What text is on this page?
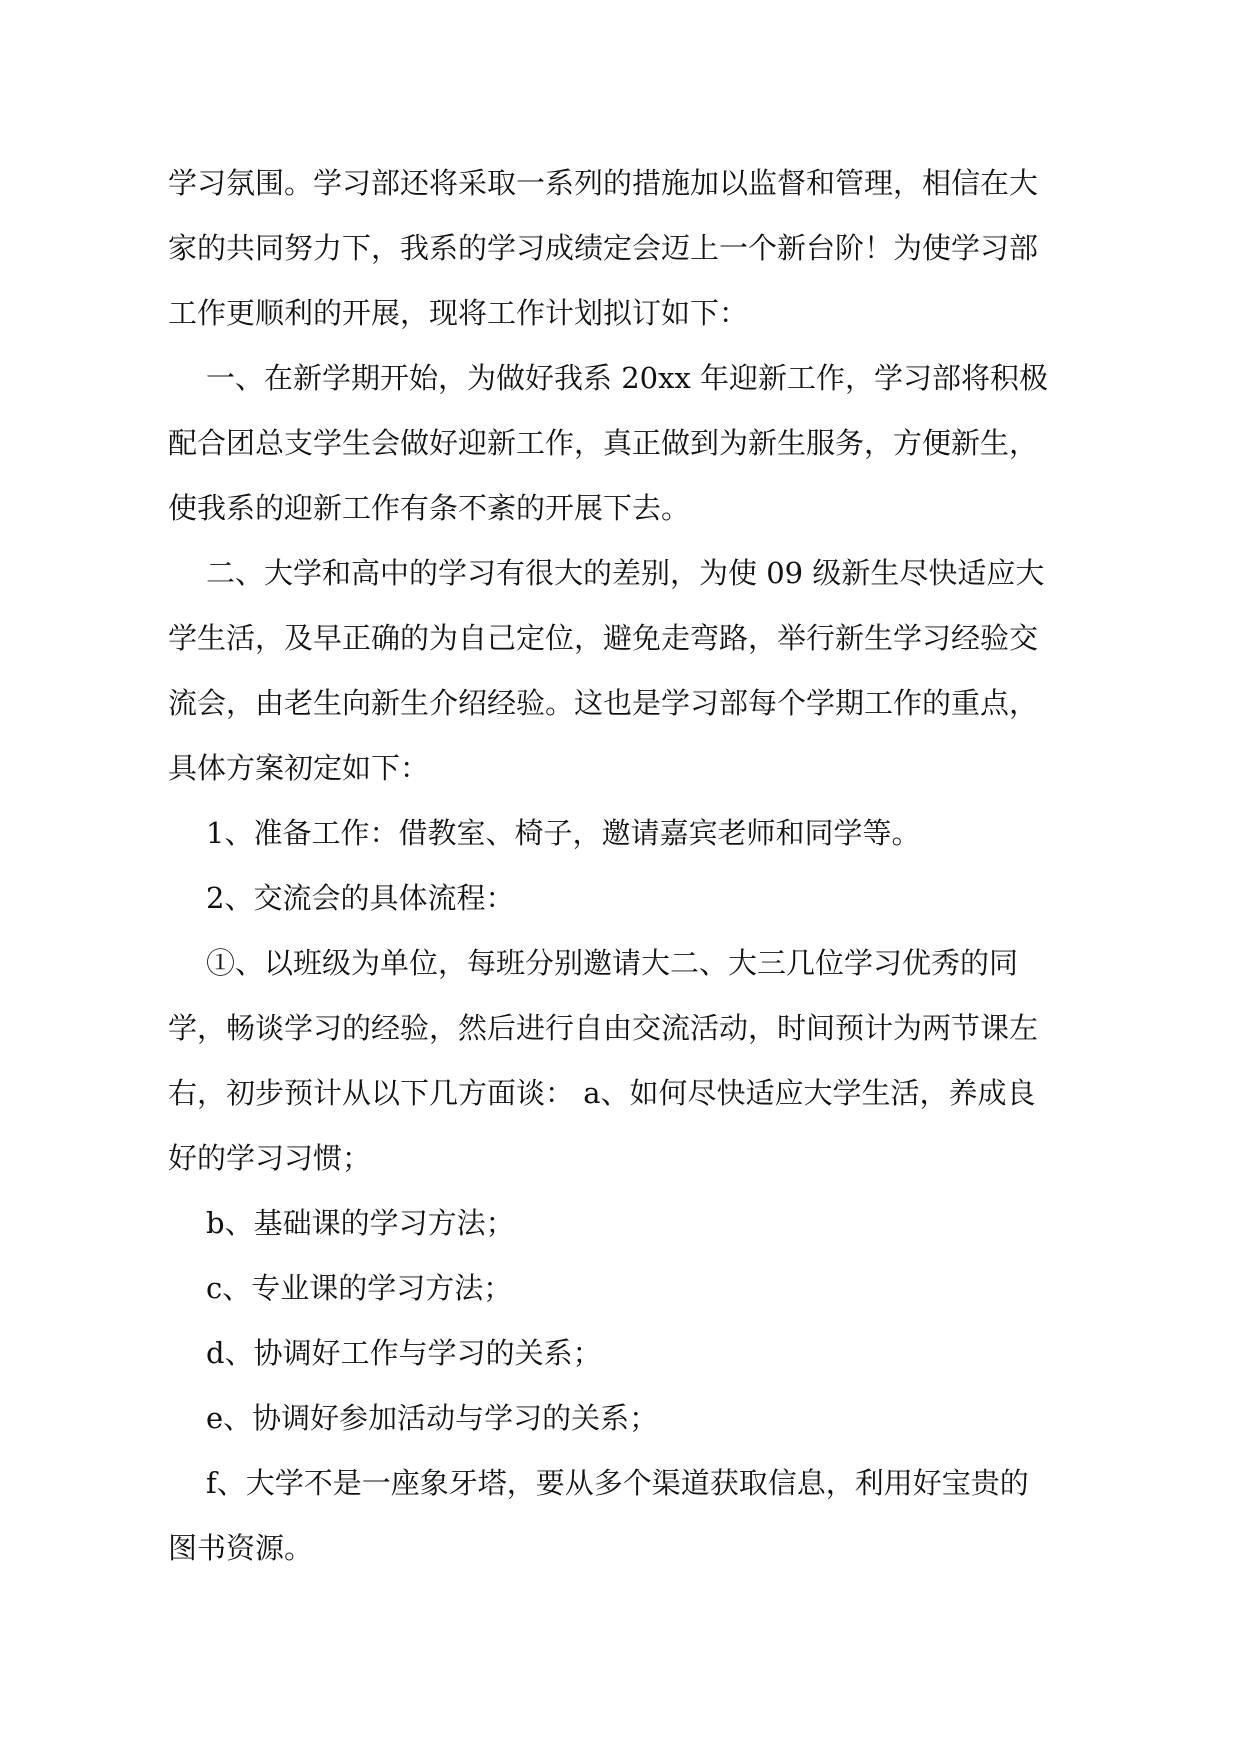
学习氛围。学习部还将采取一系列的措施加以监督和管理，相信在大
家的共同努力下，我系的学习成绩定会迈上一个新台阶！为使学习部
工作更顺利的开展，现将工作计划拟订如下：
一、在新学期开始，为做好我系 20xx 年迎新工作，学习部将积极
配合团总支学生会做好迎新工作，真正做到为新生服务，方便新生，
使我系的迎新工作有条不紊的开展下去。
二、大学和高中的学习有很大的差别，为使 09 级新生尽快适应大
学生活，及早正确的为自己定位，避免走弯路，举行新生学习经验交
流会，由老生向新生介绍经验。这也是学习部每个学期工作的重点，
具体方案初定如下：
1、准备工作：借教室、椅子，邀请嘉宾老师和同学等。
2、交流会的具体流程：
①、以班级为单位，每班分别邀请大二、大三几位学习优秀的同
学，畅谈学习的经验，然后进行自由交流活动，时间预计为两节课左
右，初步预计从以下几方面谈： a、如何尽快适应大学生活，养成良
好的学习习惯；
b、基础课的学习方法；
c、专业课的学习方法；
d、协调好工作与学习的关系；
e、协调好参加活动与学习的关系；
f、大学不是一座象牙塔，要从多个渠道获取信息，利用好宝贵的
图书资源。
